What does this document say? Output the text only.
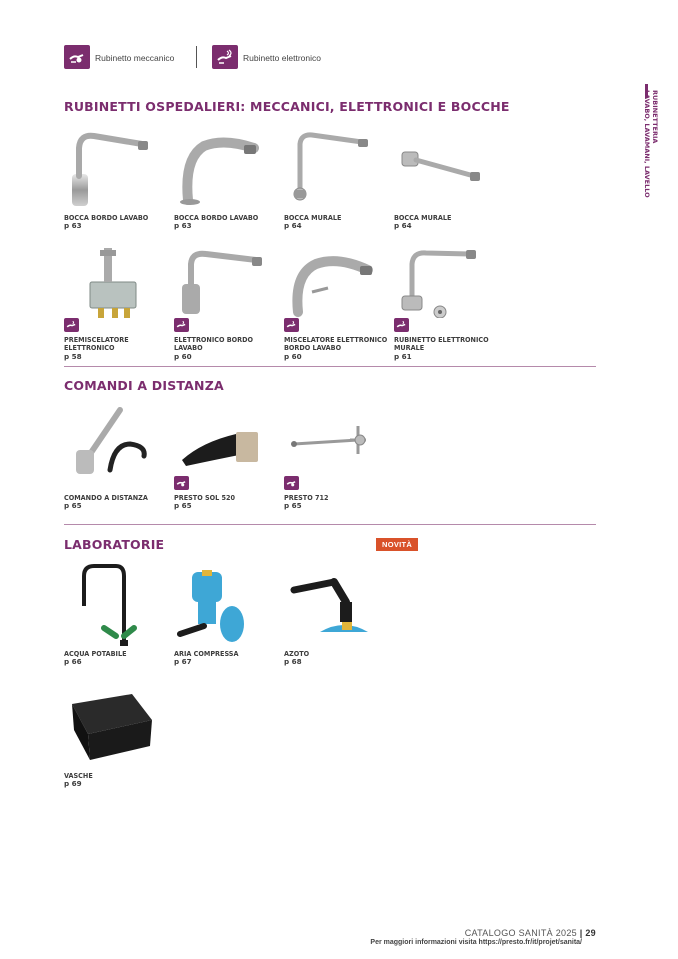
Rubinetto meccanico	Rubinetto elettronico
RUBINETTERIA
LAVABO, LAVAMANI, LAVELLO
RUBINETTI OSPEDALIERI: MECCANICI, ELETTRONICI E BOCCHE
BOCCA BORDO LAVABO
p 63
BOCCA BORDO LAVABO
p 63
BOCCA MURALE
p 64
BOCCA MURALE
p 64
PREMISCELATORE ELETTRONICO
p 58
ELETTRONICO BORDO LAVABO
p 60
MISCELATORE ELETTRONICO BORDO LAVABO
p 60
RUBINETTO ELETTRONICO MURALE
p 61
COMANDI A DISTANZA
COMANDO A DISTANZA
p 65
PRESTO SOL 520
p 65
PRESTO 712
p 65
LABORATORIE	NOVITÀ
ACQUA POTABILE
p 66
ARIA COMPRESSA
p 67
AZOTO
p 68
VASCHE
p 69
CATALOGO SANITÀ 2025 | 29
Per maggiori informazioni visita https://presto.fr/it/projet/sanita/
